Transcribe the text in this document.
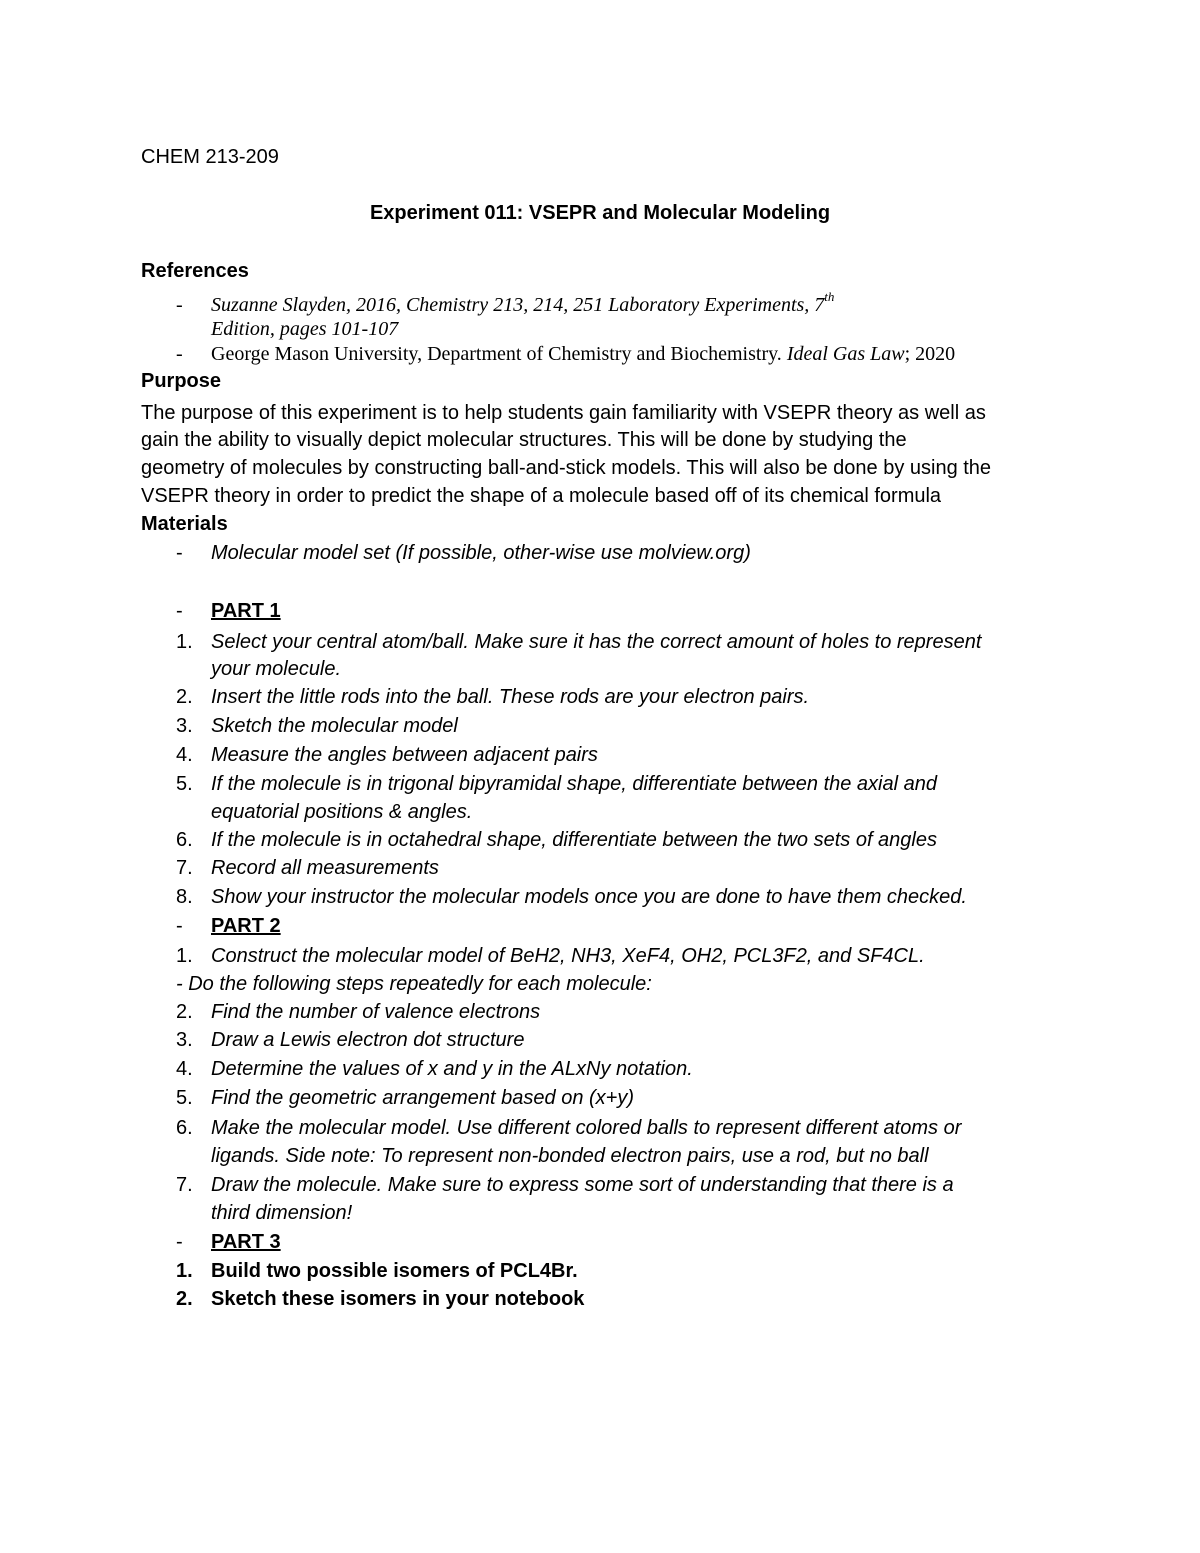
CHEM 213-209
Experiment 011: VSEPR and Molecular Modeling
References
- Suzanne Slayden, 2016, Chemistry 213, 214, 251 Laboratory Experiments, 7th
Edition, pages 101-107
- George Mason University, Department of Chemistry and Biochemistry. Ideal Gas Law; 2020
Purpose
The purpose of this experiment is to help students gain familiarity with VSEPR theory as well as
gain the ability to visually depict molecular structures. This will be done by studying the
geometry of molecules by constructing ball-and-stick models. This will also be done by using the
VSEPR theory in order to predict the shape of a molecule based off of its chemical formula
Materials
- Molecular model set (If possible, other-wise use molview.org)
- PART 1
1. Select your central atom/ball. Make sure it has the correct amount of holes to represent
your molecule.
2. Insert the little rods into the ball. These rods are your electron pairs.
3. Sketch the molecular model
4. Measure the angles between adjacent pairs
5. If the molecule is in trigonal bipyramidal shape, differentiate between the axial and
equatorial positions & angles.
6. If the molecule is in octahedral shape, differentiate between the two sets of angles
7. Record all measurements
8. Show your instructor the molecular models once you are done to have them checked.
- PART 2
1. Construct the molecular model of BeH2, NH3, XeF4, OH2, PCL3F2, and SF4CL.
- Do the following steps repeatedly for each molecule:
2. Find the number of valence electrons
3. Draw a Lewis electron dot structure
4. Determine the values of x and y in the ALxNy notation.
5. Find the geometric arrangement based on (x+y)
6. Make the molecular model. Use different colored balls to represent different atoms or
ligands. Side note: To represent non-bonded electron pairs, use a rod, but no ball
7. Draw the molecule. Make sure to express some sort of understanding that there is a
third dimension!
- PART 3
1. Build two possible isomers of PCL4Br.
2. Sketch these isomers in your notebook
